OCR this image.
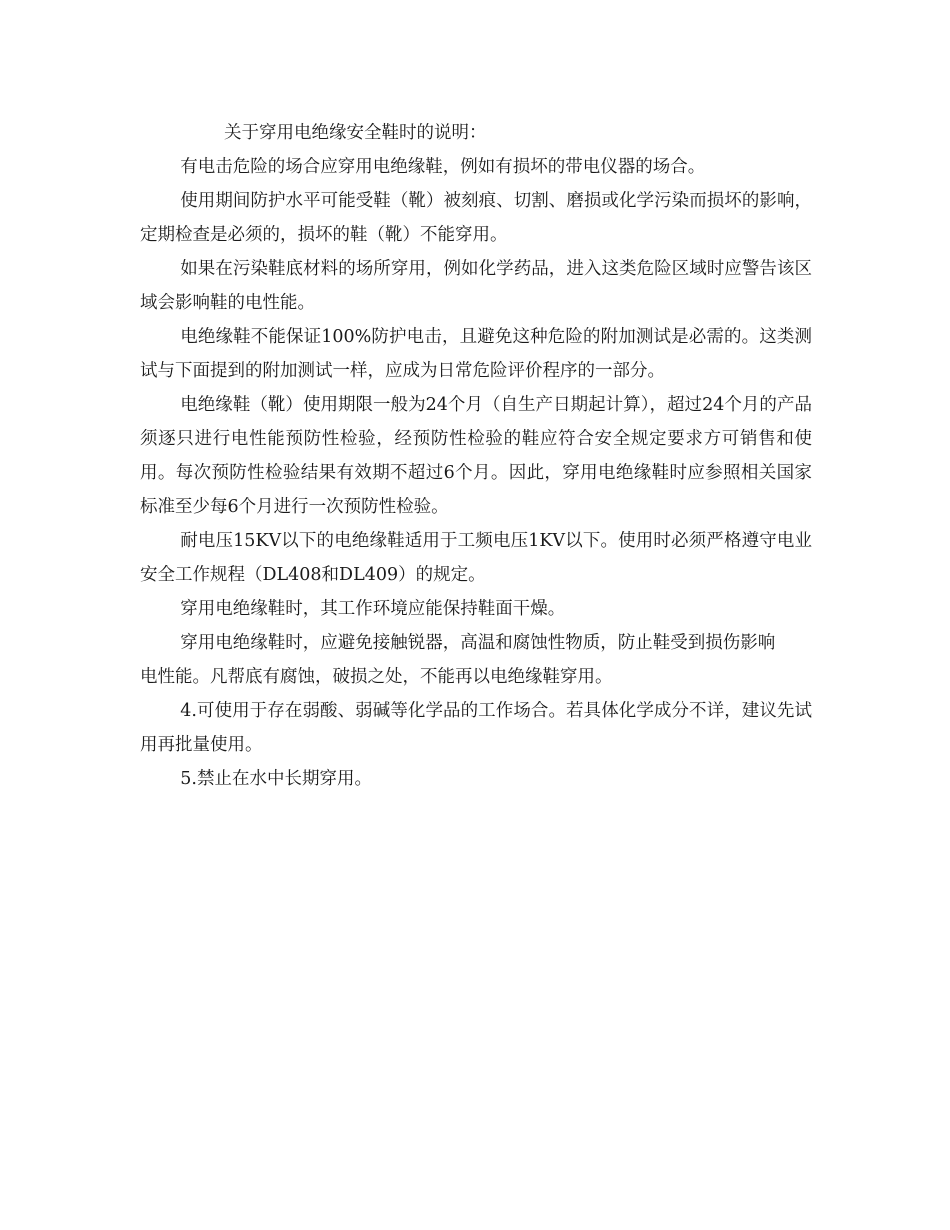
关于穿用电绝缘安全鞋时的说明：

有电击危险的场合应穿用电绝缘鞋，例如有损坏的带电仪器的场合。

使用期间防护水平可能受鞋（靴）被刻痕、切割、磨损或化学污染而损坏的影响，定期检查是必须的，损坏的鞋（靴）不能穿用。

如果在污染鞋底材料的场所穿用，例如化学药品，进入这类危险区域时应警告该区域会影响鞋的电性能。

电绝缘鞋不能保证100%防护电击，且避免这种危险的附加测试是必需的。这类测试与下面提到的附加测试一样，应成为日常危险评价程序的一部分。

电绝缘鞋（靴）使用期限一般为24个月（自生产日期起计算），超过24个月的产品须逐只进行电性能预防性检验，经预防性检验的鞋应符合安全规定要求方可销售和使用。每次预防性检验结果有效期不超过6个月。因此，穿用电绝缘鞋时应参照相关国家标准至少每6个月进行一次预防性检验。

耐电压15KV以下的电绝缘鞋适用于工频电压1KV以下。使用时必须严格遵守电业安全工作规程（DL408和DL409）的规定。

穿用电绝缘鞋时，其工作环境应能保持鞋面干燥。

穿用电绝缘鞋时，应避免接触锐器，高温和腐蚀性物质，防止鞋受到损伤影响

电性能。凡帮底有腐蚀，破损之处，不能再以电绝缘鞋穿用。

4.可使用于存在弱酸、弱碱等化学品的工作场合。若具体化学成分不详，建议先试用再批量使用。

5.禁止在水中长期穿用。
